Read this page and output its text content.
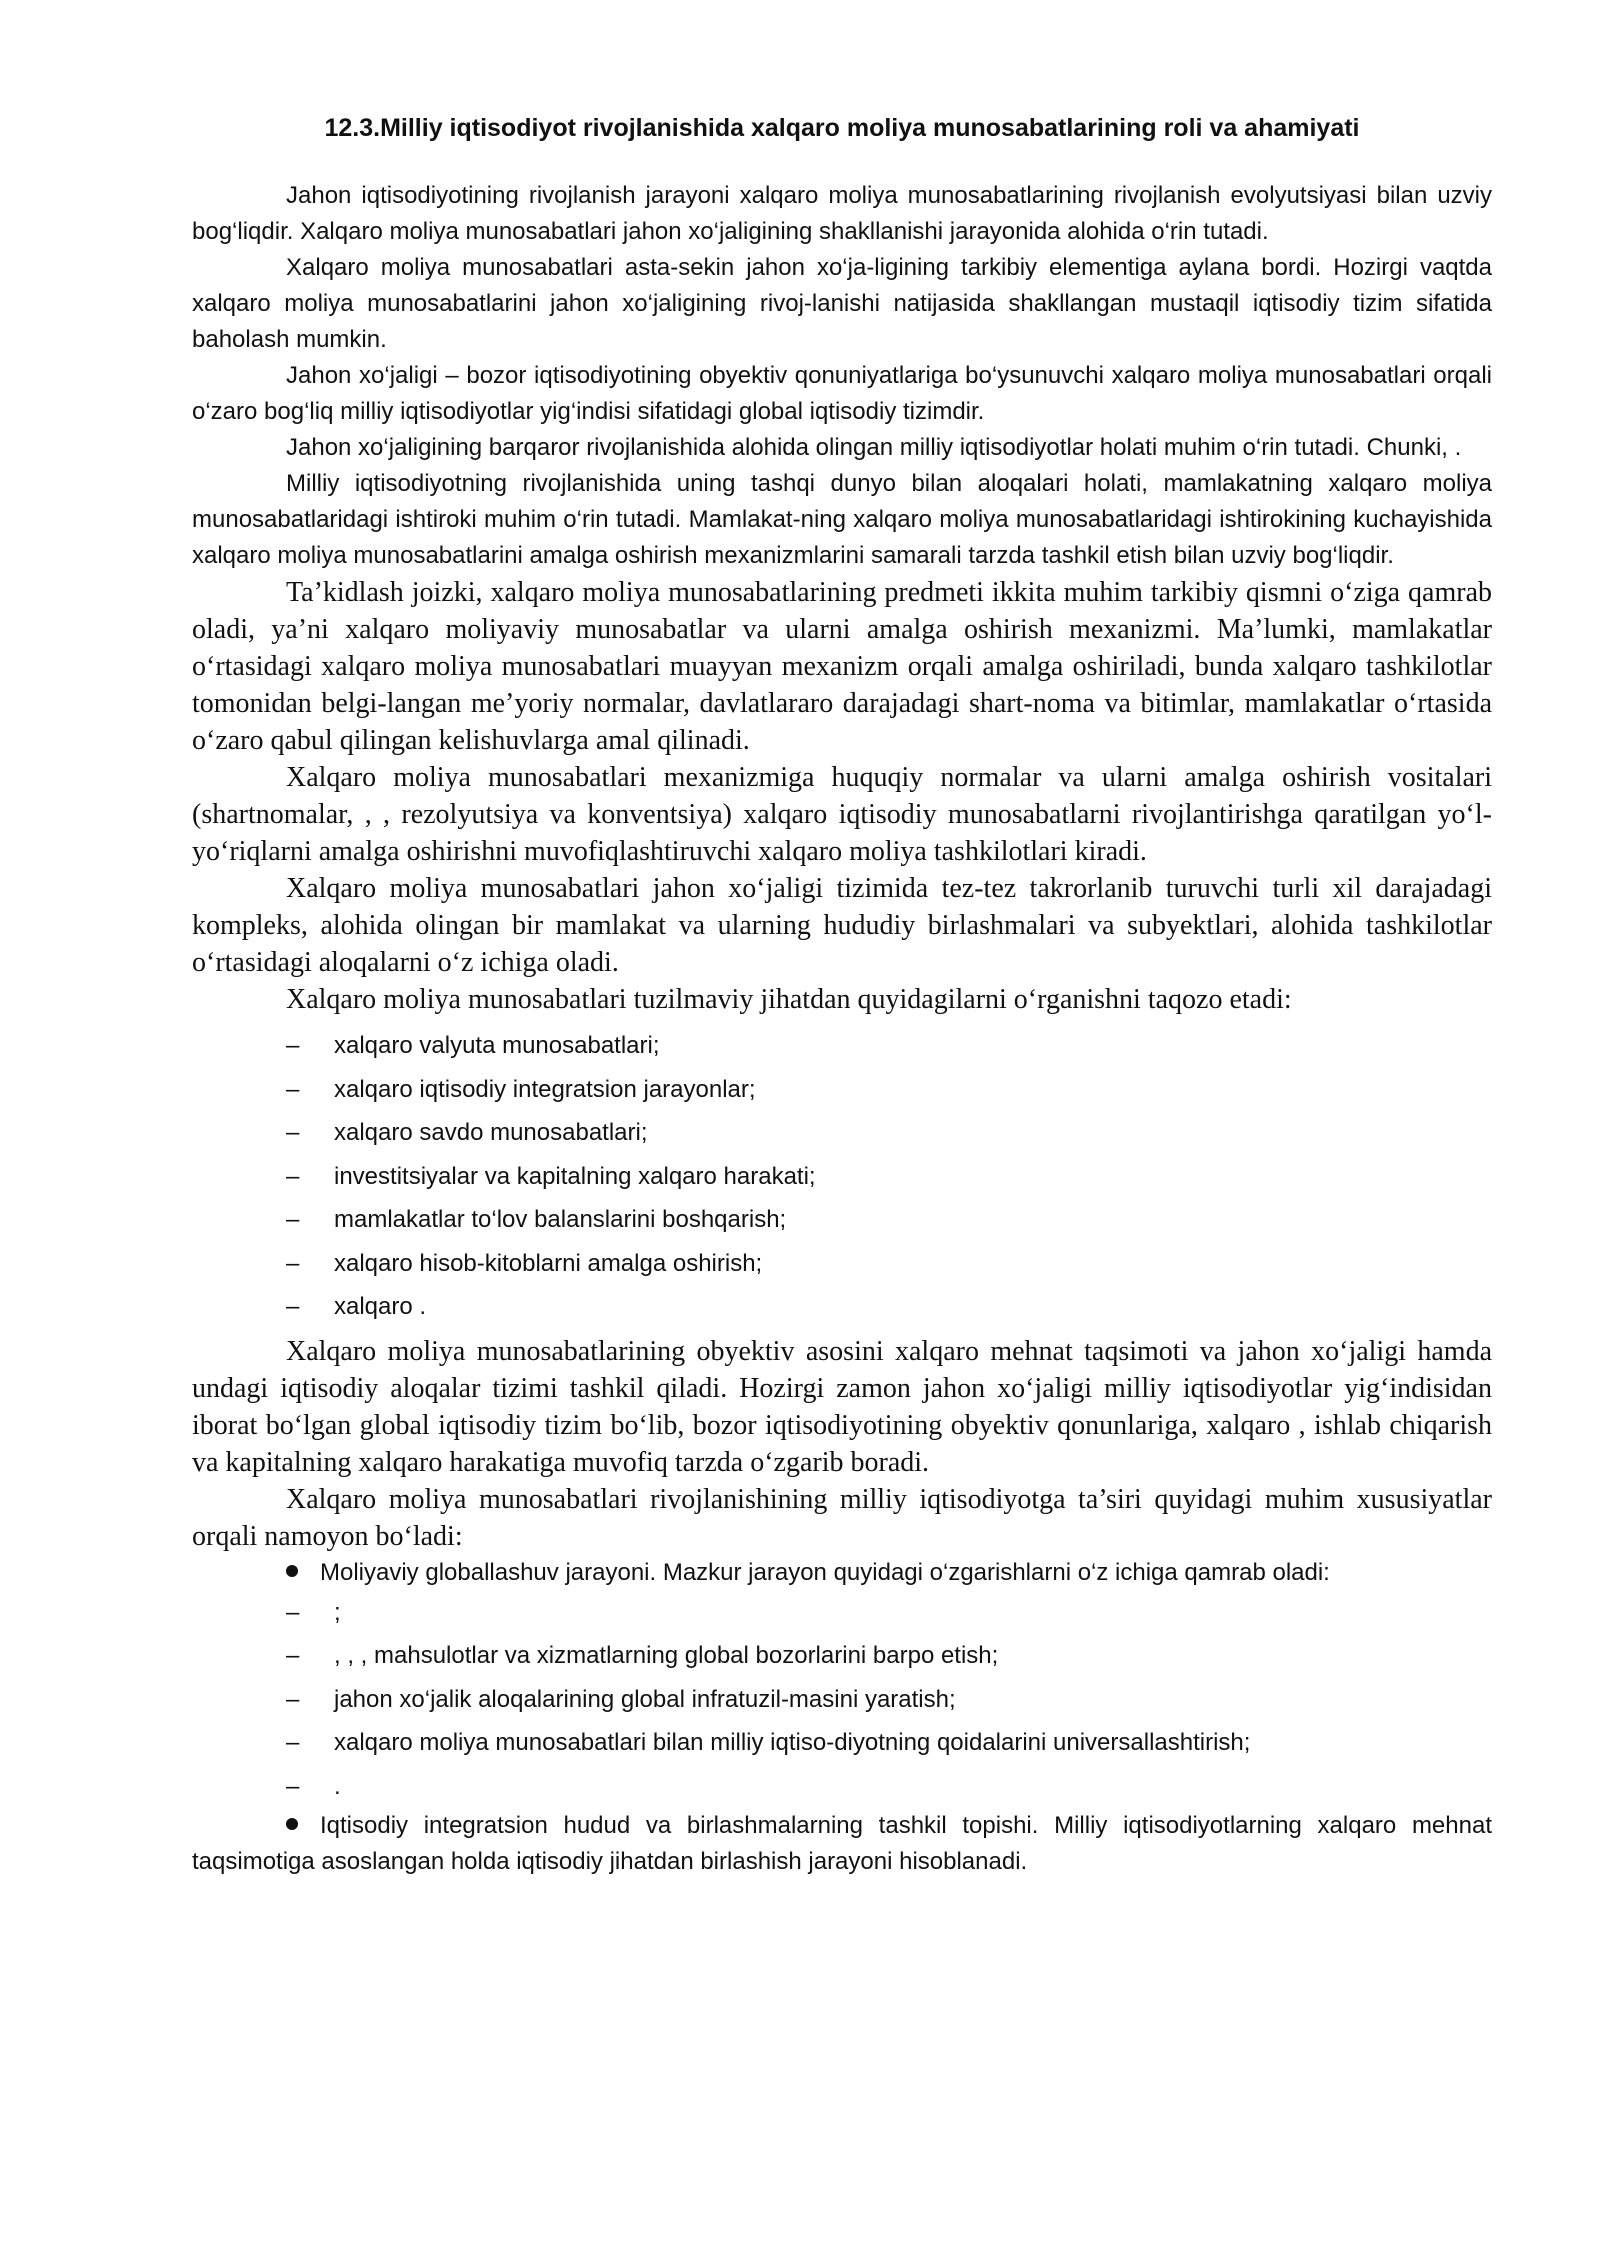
12.3.Milliy iqtisodiyot rivojlanishida xalqaro moliya munosabatlarining roli va ahamiyati

Jahon iqtisodiyotining rivojlanish jarayoni xalqaro moliya munosabatlarining rivojlanish evolyutsiyasi bilan uzviy bog‘liqdir. Xalqaro moliya munosabatlari jahon xo‘jaligining shakllanishi jarayonida alohida o‘rin tutadi.

Xalqaro moliya munosabatlari asta-sekin jahon xo‘ja-ligining tarkibiy elementiga aylana bordi. Hozirgi vaqtda xalqaro moliya munosabatlarini jahon xo‘jaligining rivoj-lanishi natijasida shakllangan mustaqil iqtisodiy tizim sifatida baholash mumkin.

Jahon xo‘jaligi – bozor iqtisodiyotining obyektiv qonuniyatlariga bo‘ysunuvchi xalqaro moliya munosabatlari orqali o‘zaro bog‘liq milliy iqtisodiyotlar yig‘indisi sifatidagi global iqtisodiy tizimdir.

Jahon xo‘jaligining barqaror rivojlanishida alohida olingan milliy iqtisodiyotlar holati muhim o‘rin tutadi. Chunki, .

Milliy iqtisodiyotning rivojlanishida uning tashqi dunyo bilan aloqalari holati, mamlakatning xalqaro moliya munosabatlaridagi ishtiroki muhim o‘rin tutadi. Mamlakat-ning xalqaro moliya munosabatlaridagi ishtirokining kuchayishida xalqaro moliya munosabatlarini amalga oshirish mexanizmlarini samarali tarzda tashkil etish bilan uzviy bog‘liqdir.

Ta’kidlash joizki, xalqaro moliya munosabatlarining predmeti ikkita muhim tarkibiy qismni o‘ziga qamrab oladi, ya’ni xalqaro moliyaviy munosabatlar va ularni amalga oshirish mexanizmi. Ma’lumki, mamlakatlar o‘rtasidagi xalqaro moliya munosabatlari muayyan mexanizm orqali amalga oshiriladi, bunda xalqaro tashkilotlar tomonidan belgi-langan me’yoriy normalar, davlatlararo darajadagi shart-noma va bitimlar, mamlakatlar o‘rtasida o‘zaro qabul qilingan kelishuvlarga amal qilinadi.

Xalqaro moliya munosabatlari mexanizmiga huquqiy normalar va ularni amalga oshirish vositalari (shartnomalar, , , rezolyutsiya va konventsiya) xalqaro iqtisodiy munosabatlarni rivojlantirishga qaratilgan yo‘l-yo‘riqlarni amalga oshirishni muvofiqlashtiruvchi xalqaro moliya tashkilotlari kiradi.

Xalqaro moliya munosabatlari jahon xo‘jaligi tizimida tez-tez takrorlanib turuvchi turli xil darajadagi kompleks, alohida olingan bir mamlakat va ularning hududiy birlashmalari va subyektlari, alohida tashkilotlar o‘rtasidagi aloqalarni o‘z ichiga oladi.

Xalqaro moliya munosabatlari tuzilmaviy jihatdan quyidagilarni o‘rganishni taqozo etadi:

– xalqaro valyuta munosabatlari;
– xalqaro iqtisodiy integratsion jarayonlar;
– xalqaro savdo munosabatlari;
– investitsiyalar va kapitalning xalqaro harakati;
– mamlakatlar to‘lov balanslarini boshqarish;
– xalqaro hisob-kitoblarni amalga oshirish;
– xalqaro .

Xalqaro moliya munosabatlarining obyektiv asosini xalqaro mehnat taqsimoti va jahon xo‘jaligi hamda undagi iqtisodiy aloqalar tizimi tashkil qiladi. Hozirgi zamon jahon xo‘jaligi milliy iqtisodiyotlar yig‘indisidan iborat bo‘lgan global iqtisodiy tizim bo‘lib, bozor iqtisodiyotining obyektiv qonunlariga, xalqaro , ishlab chiqarish va kapitalning xalqaro harakatiga muvofiq tarzda o‘zgarib boradi.

Xalqaro moliya munosabatlari rivojlanishining milliy iqtisodiyotga ta’siri quyidagi muhim xususiyatlar orqali namoyon bo‘ladi:

Moliyaviy globallashuv jarayoni. Mazkur jarayon quyidagi o‘zgarishlarni o‘z ichiga qamrab oladi:

– ;
– , , , mahsulotlar va xizmatlarning global bozorlarini barpo etish;
– jahon xo‘jalik aloqalarining global infratuzil-masini yaratish;
– xalqaro moliya munosabatlari bilan milliy iqtiso-diyotning qoidalarini universallashtirish;
– .

Iqtisodiy integratsion hudud va birlashmalarning tashkil topishi. Milliy iqtisodiyotlarning xalqaro mehnat taqsimotiga asoslangan holda iqtisodiy jihatdan birlashish jarayoni hisoblanadi.
